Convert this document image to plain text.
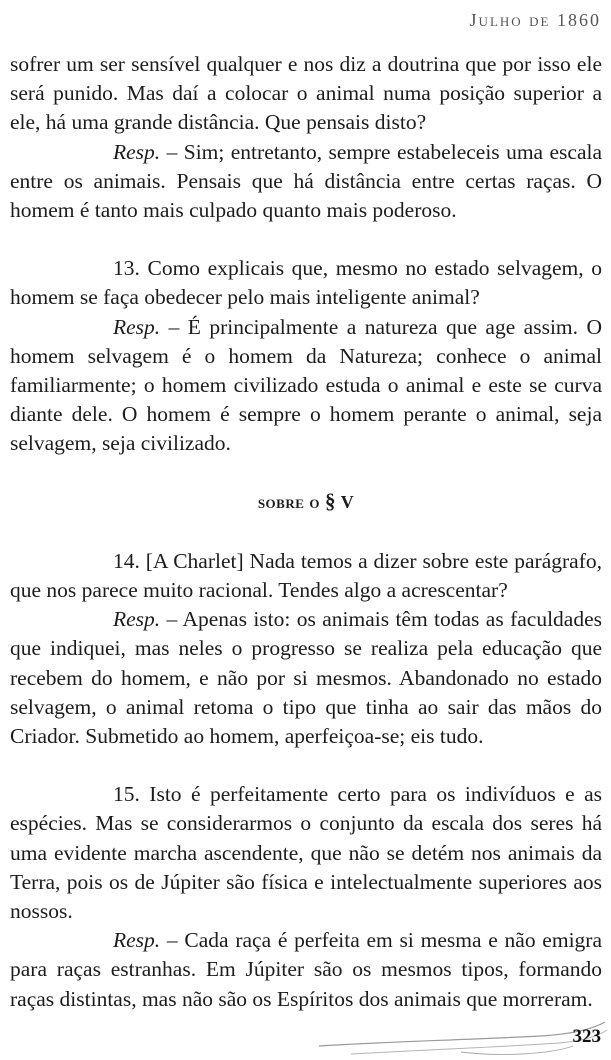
Julho de 1860

sofrer um ser sensível qualquer e nos diz a doutrina que por isso ele será punido. Mas daí a colocar o animal numa posição superior a ele, há uma grande distância. Que pensais disto?

Resp. – Sim; entretanto, sempre estabeleceis uma escala entre os animais. Pensais que há distância entre certas raças. O homem é tanto mais culpado quanto mais poderoso.

13. Como explicais que, mesmo no estado selvagem, o homem se faça obedecer pelo mais inteligente animal?

Resp. – É principalmente a natureza que age assim. O homem selvagem é o homem da Natureza; conhece o animal familiarmente; o homem civilizado estuda o animal e este se curva diante dele. O homem é sempre o homem perante o animal, seja selvagem, seja civilizado.

sobre o § V

14. [A Charlet] Nada temos a dizer sobre este parágrafo, que nos parece muito racional. Tendes algo a acrescentar?

Resp. – Apenas isto: os animais têm todas as faculdades que indiquei, mas neles o progresso se realiza pela educação que recebem do homem, e não por si mesmos. Abandonado no estado selvagem, o animal retoma o tipo que tinha ao sair das mãos do Criador. Submetido ao homem, aperfeiçoa-se; eis tudo.

15. Isto é perfeitamente certo para os indivíduos e as espécies. Mas se considerarmos o conjunto da escala dos seres há uma evidente marcha ascendente, que não se detém nos animais da Terra, pois os de Júpiter são física e intelectualmente superiores aos nossos.

Resp. – Cada raça é perfeita em si mesma e não emigra para raças estranhas. Em Júpiter são os mesmos tipos, formando raças distintas, mas não são os Espíritos dos animais que morreram.

323
